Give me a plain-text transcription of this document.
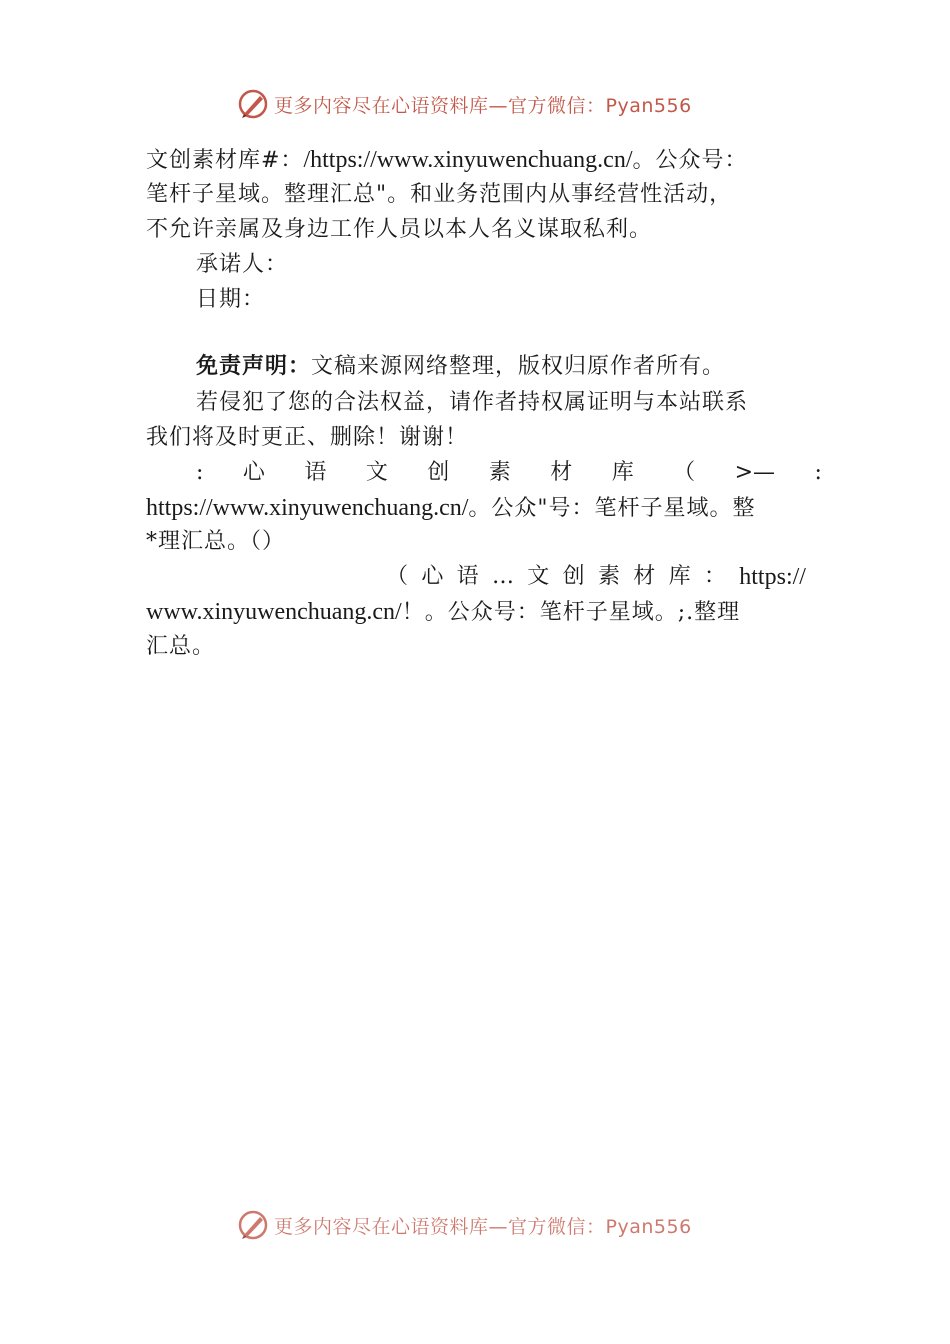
更多内容尽在心语资料库—官方微信：Pyan556
文创素材库#：/https://www.xinyuwenchuang.cn/。公众号：
笔杆子星域。整理汇总"。和业务范围内从事经营性活动，
不允许亲属及身边工作人员以本人名义谋取私利。
承诺人：
日期：
免责声明：文稿来源网络整理，版权归原作者所有。
若侵犯了您的合法权益，请作者持权属证明与本站联系
我们将及时更正、删除！谢谢！
: 心 语 文 创 素 材 库 （ >— :
https://www.xinyuwenchuang.cn/。公众"号：笔杆子星域。整
*理汇总。（）
（ 心 语 … 文 创 素 材 库 ： https://
www.xinyuwenchuang.cn/！。公众号：笔杆子星域。;.整理
汇总。
更多内容尽在心语资料库—官方微信：Pyan556
